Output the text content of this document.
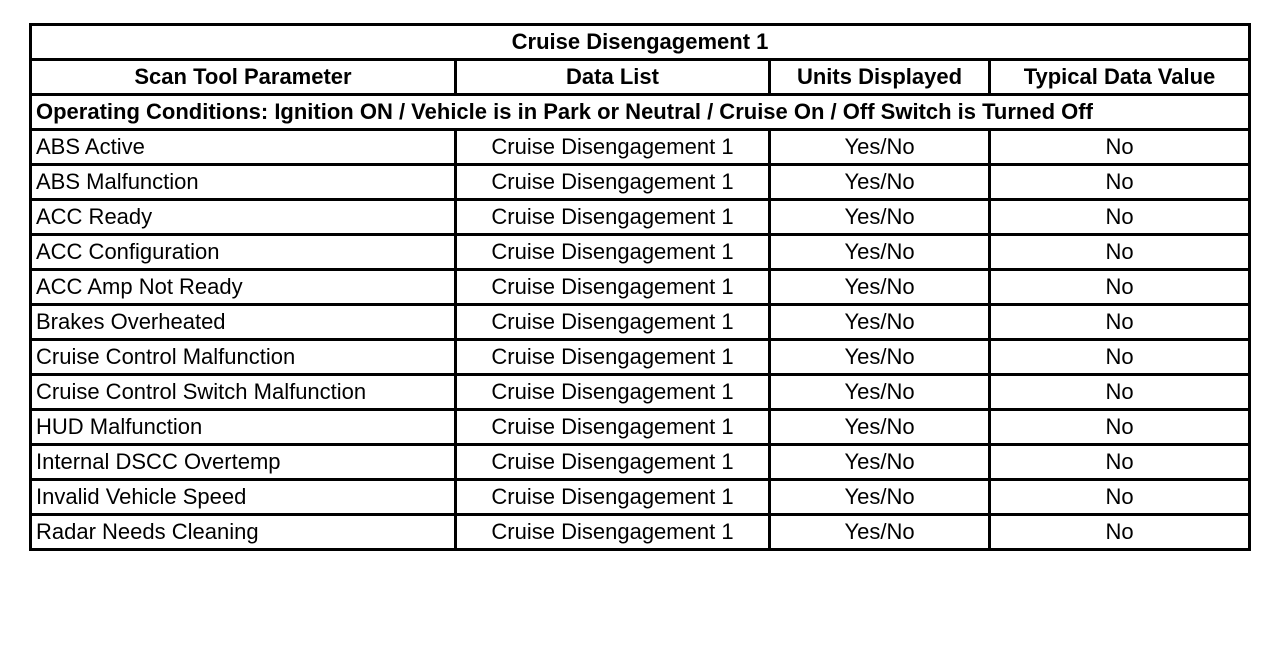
Cruise Disengagement 1			
Scan Tool Parameter	Data List	Units Displayed	Typical Data Value
Operating Conditions: Ignition ON / Vehicle is in Park or Neutral / Cruise On / Off Switch is Turned Off			
ABS Active	Cruise Disengagement 1	Yes/No	No
ABS Malfunction	Cruise Disengagement 1	Yes/No	No
ACC Ready	Cruise Disengagement 1	Yes/No	No
ACC Configuration	Cruise Disengagement 1	Yes/No	No
ACC Amp Not Ready	Cruise Disengagement 1	Yes/No	No
Brakes Overheated	Cruise Disengagement 1	Yes/No	No
Cruise Control Malfunction	Cruise Disengagement 1	Yes/No	No
Cruise Control Switch Malfunction	Cruise Disengagement 1	Yes/No	No
HUD Malfunction	Cruise Disengagement 1	Yes/No	No
Internal DSCC Overtemp	Cruise Disengagement 1	Yes/No	No
Invalid Vehicle Speed	Cruise Disengagement 1	Yes/No	No
Radar Needs Cleaning	Cruise Disengagement 1	Yes/No	No
